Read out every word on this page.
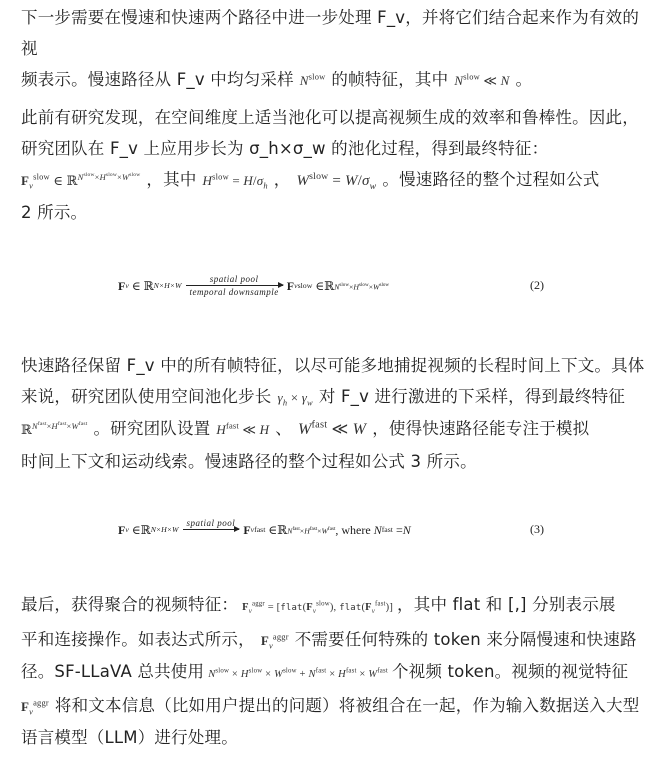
下一步需要在慢速和快速两个路径中进一步处理 F_v，并将它们结合起来作为有效的视
频表示。慢速路径从 F_v 中均匀采样 $N^{slow}$ 的帧特征，其中 $N^{slow}$ ≪ N 。
此前有研究发现，在空间维度上适当池化可以提高视频生成的效率和鲁棒性。因此，
研究团队在 F_v 上应用步长为 σ_h×σ_w 的池化过程，得到最终特征：
$F_v^{slow}$ ∈ ℝ$^{N^{slow}\times H^{slow}\times W^{slow}}$ ，其中 $H^{slow} = H/\sigma_h$ ， $W^{slow} = W/\sigma_w$ 。慢速路径的整个过程如公式
2 所示。
F v
∈ ℝ N×H×W
spatial pool
temporal downsample F v slow ∈ ℝ $N^{slow}\times H^{slow}\times W^{slow}$	(2)
快速路径保留 F_v 中的所有帧特征，以尽可能多地捕捉视频的长程时间上下文。具体
来说，研究团队使用空间池化步长 $\gamma_h \times \gamma_w$ 对 F_v 进行激进的下采样，得到最终特征
ℝ$^{N^{fast}\times H^{fast}\times W^{fast}}$ 。研究团队设置 $H^{fast}$ ≪ H 、 $W^{fast}$ ≪ W ，使得快速路径能专注于模拟
时间上下文和运动线索。慢速路径的整个过程如公式 3 所示。
F v ∈ ℝ N×H×W
spatial pool
F v fast ∈ ℝ $N^{fast}\times H^{fast}\times W^{fast}$ , where
N fast = N	(3)
最后，获得聚合的视频特征： $F_v^{aggr}$ = [$flat(F_v^{slow})$, $flat(F_v^{fast})$] ，其中 flat 和 [,] 分别表示展
平和连接操作。如表达式所示， $F_v^{aggr}$ 不需要任何特殊的 token 来分隔慢速和快速路
径。SF-LLaVA 总共使用 $N^{slow} \times H^{slow} \times W^{slow} + N^{fast} \times H^{fast} \times W^{fast}$ 个视频 token。视频的视觉特征
$F_v^{aggr}$ 将和文本信息（比如用户提出的问题）将被组合在一起，作为输入数据送入大型
语言模型（LLM）进行处理。
